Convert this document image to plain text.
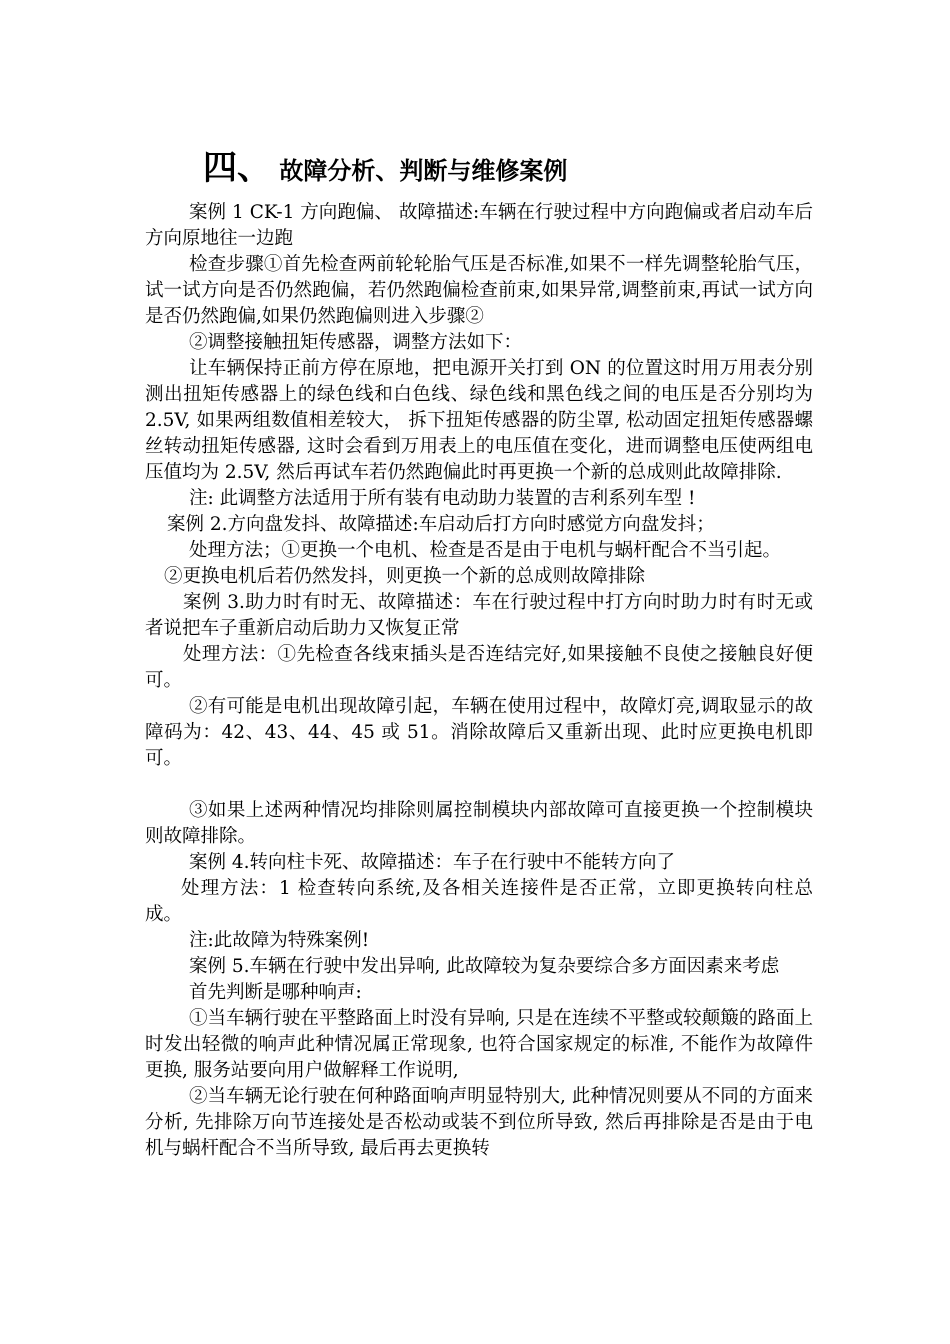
四、 故障分析、判断与维修案例

案例 1 CK-1 方向跑偏、 故障描述:车辆在行驶过程中方向跑偏或者启动车后方向原地往一边跑

检查步骤①首先检查两前轮轮胎气压是否标准,如果不一样先调整轮胎气压，试一试方向是否仍然跑偏，若仍然跑偏检查前束,如果异常,调整前束,再试一试方向是否仍然跑偏,如果仍然跑偏则进入步骤②

②调整接触扭矩传感器，调整方法如下：

让车辆保持正前方停在原地，把电源开关打到 ON 的位置这时用万用表分别测出扭矩传感器上的绿色线和白色线、绿色线和黑色线之间的电压是否分别均为 2.5V, 如果两组数值相差较大， 拆下扭矩传感器的防尘罩, 松动固定扭矩传感器螺丝转动扭矩传感器, 这时会看到万用表上的电压值在变化，进而调整电压使两组电压值均为 2.5V, 然后再试车若仍然跑偏此时再更换一个新的总成则此故障排除.

注: 此调整方法适用于所有装有电动助力装置的吉利系列车型 !

案例 2.方向盘发抖、故障描述:车启动后打方向时感觉方向盘发抖；

处理方法；①更换一个电机、检查是否是由于电机与蜗杆配合不当引起。

②更换电机后若仍然发抖，则更换一个新的总成则故障排除

案例 3.助力时有时无、故障描述：车在行驶过程中打方向时助力时有时无或者说把车子重新启动后助力又恢复正常

处理方法：①先检查各线束插头是否连结完好,如果接触不良使之接触良好便可。

②有可能是电机出现故障引起，车辆在使用过程中，故障灯亮,调取显示的故障码为：42、43、44、45 或 51。消除故障后又重新出现、此时应更换电机即可。

③如果上述两种情况均排除则属控制模块内部故障可直接更换一个控制模块则故障排除。

案例 4.转向柱卡死、故障描述：车子在行驶中不能转方向了

处理方法：1 检查转向系统,及各相关连接件是否正常，立即更换转向柱总成。

注:此故障为特殊案例!

案例 5.车辆在行驶中发出异响, 此故障较为复杂要综合多方面因素来考虑

首先判断是哪种响声:

①当车辆行驶在平整路面上时没有异响, 只是在连续不平整或较颠簸的路面上时发出轻微的响声此种情况属正常现象, 也符合国家规定的标准, 不能作为故障件更换, 服务站要向用户做解释工作说明,

②当车辆无论行驶在何种路面响声明显特别大, 此种情况则要从不同的方面来分析, 先排除万向节连接处是否松动或装不到位所导致, 然后再排除是否是由于电机与蜗杆配合不当所导致, 最后再去更换转
